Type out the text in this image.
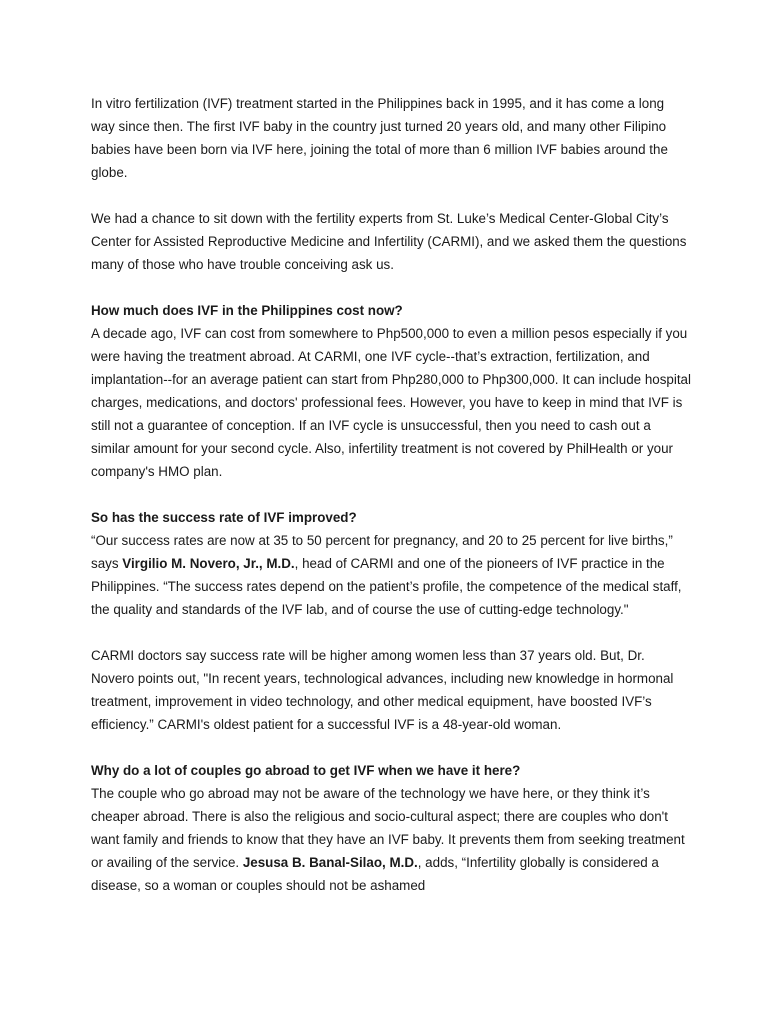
In vitro fertilization (IVF) treatment started in the Philippines back in 1995, and it has come a long way since then. The first IVF baby in the country just turned 20 years old, and many other Filipino babies have been born via IVF here, joining the total of more than 6 million IVF babies around the globe.

We had a chance to sit down with the fertility experts from St. Luke’s Medical Center-Global City’s Center for Assisted Reproductive Medicine and Infertility (CARMI), and we asked them the questions many of those who have trouble conceiving ask us.

How much does IVF in the Philippines cost now?
A decade ago, IVF can cost from somewhere to Php500,000 to even a million pesos especially if you were having the treatment abroad. At CARMI, one IVF cycle--that’s extraction, fertilization, and implantation--for an average patient can start from Php280,000 to Php300,000. It can include hospital charges, medications, and doctors' professional fees. However, you have to keep in mind that IVF is still not a guarantee of conception. If an IVF cycle is unsuccessful, then you need to cash out a similar amount for your second cycle. Also, infertility treatment is not covered by PhilHealth or your company's HMO plan.

So has the success rate of IVF improved?
“Our success rates are now at 35 to 50 percent for pregnancy, and 20 to 25 percent for live births,” says Virgilio M. Novero, Jr., M.D., head of CARMI and one of the pioneers of IVF practice in the Philippines. “The success rates depend on the patient’s profile, the competence of the medical staff, the quality and standards of the IVF lab, and of course the use of cutting-edge technology."

CARMI doctors say success rate will be higher among women less than 37 years old. But, Dr. Novero points out, "In recent years, technological advances, including new knowledge in hormonal treatment, improvement in video technology, and other medical equipment, have boosted IVF’s efficiency.” CARMI's oldest patient for a successful IVF is a 48-year-old woman.

Why do a lot of couples go abroad to get IVF when we have it here?
The couple who go abroad may not be aware of the technology we have here, or they think it’s cheaper abroad. There is also the religious and socio-cultural aspect; there are couples who don't want family and friends to know that they have an IVF baby. It prevents them from seeking treatment or availing of the service. Jesusa B. Banal-Silao, M.D., adds, “Infertility globally is considered a disease, so a woman or couples should not be ashamed
